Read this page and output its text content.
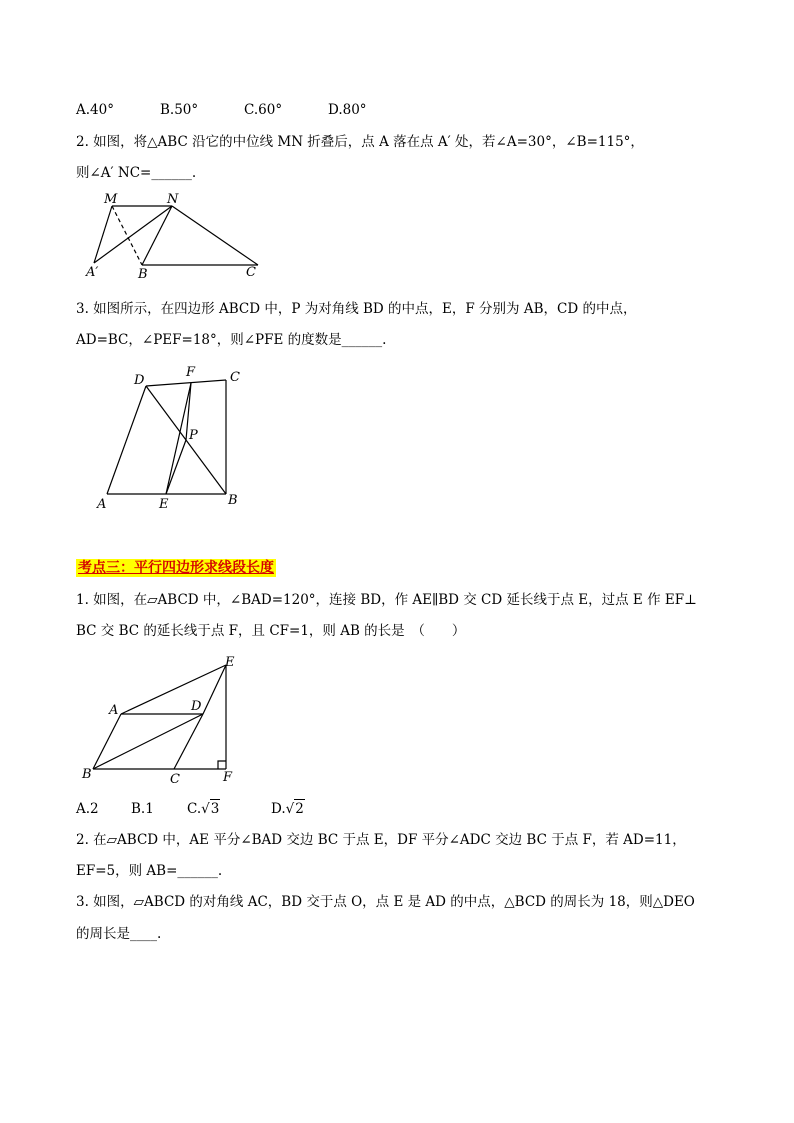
A.40°	B.50°	C.60°	D.80°
2. 如图，将△ABC 沿它的中位线 MN 折叠后，点 A 落在点 A′ 处，若∠A=30°，∠B=115°，
则∠A′ NC=______.
M	N
A′	B	C
3. 如图所示，在四边形 ABCD 中，P 为对角线 BD 的中点，E，F 分别为 AB，CD 的中点，
AD=BC，∠PEF=18°，则∠PFE 的度数是______.
D
F	C
P
A	E	B
考点三：平行四边形求线段长度
1. 如图，在▱ABCD 中，∠BAD=120°，连接 BD，作 AE∥BD 交 CD 延长线于点 E，过点 E 作 EF⊥
BC 交 BC 的延长线于点 F，且 CF=1，则 AB 的长是　（　　）
E
A	D
B	C	F
A.2 B.1 C.√3	D.√2
2. 在▱ABCD 中，AE 平分∠BAD 交边 BC 于点 E，DF 平分∠ADC 交边 BC 于点 F，若 AD=11，
EF=5，则 AB=______.
3. 如图，▱ABCD 的对角线 AC，BD 交于点 O，点 E 是 AD 的中点，△BCD 的周长为 18，则△DEO
的周长是____.
